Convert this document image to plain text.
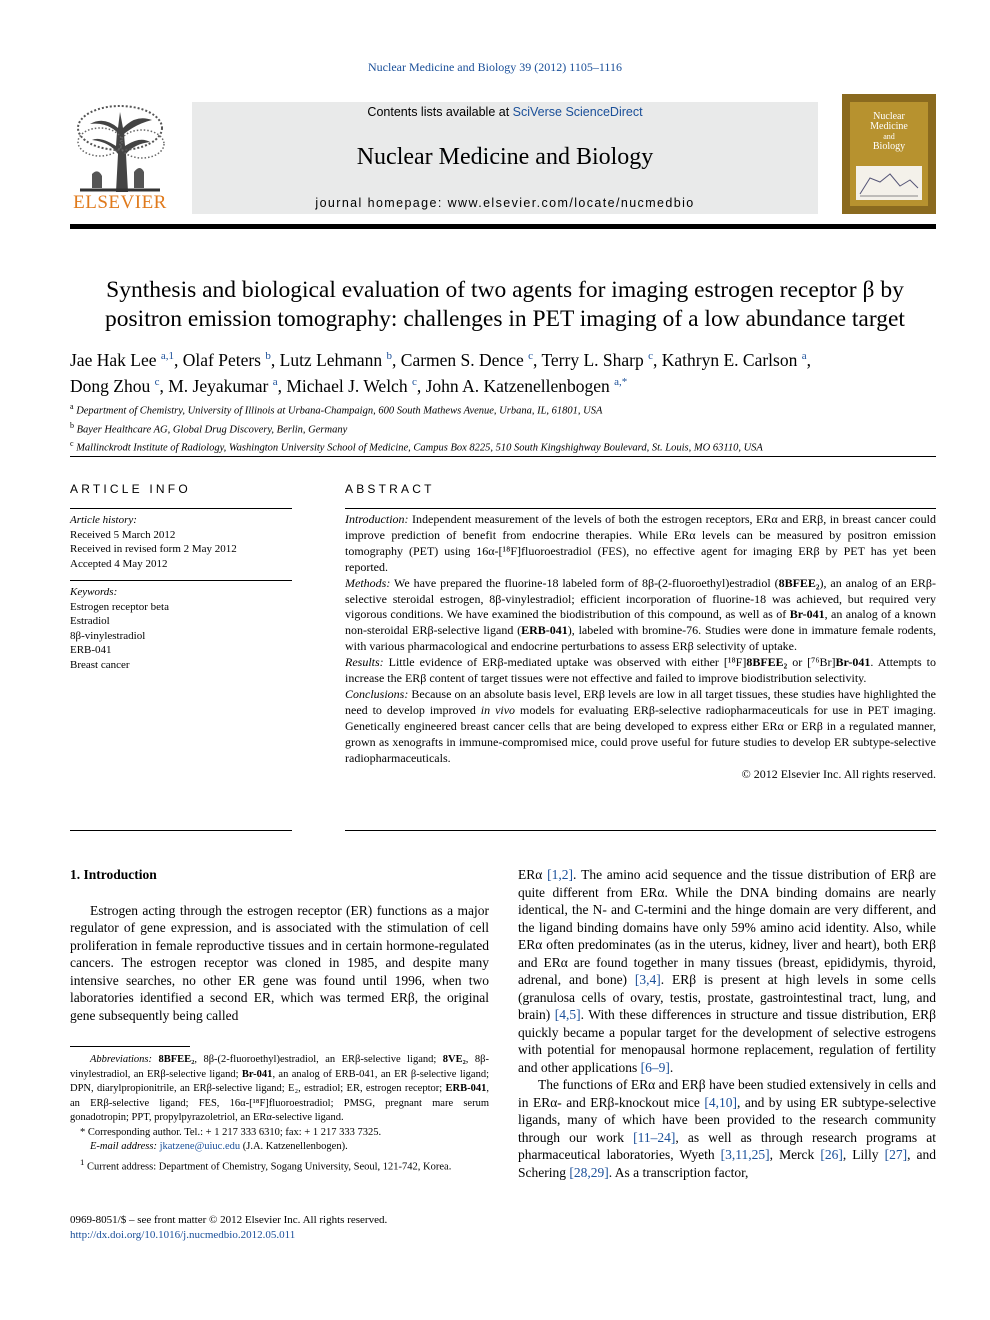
Nuclear Medicine and Biology 39 (2012) 1105–1116
ELSEVIER
Contents lists available at SciVerse ScienceDirect
Nuclear Medicine and Biology
journal homepage: www.elsevier.com/locate/nucmedbio
Nuclear
Medicine
and
Biology
Synthesis and biological evaluation of two agents for imaging estrogen receptor β by
positron emission tomography: challenges in PET imaging of a low abundance target
Jae Hak Lee $^{a,1}$, Olaf Peters $^b$, Lutz Lehmann $^b$, Carmen S. Dence $^c$, Terry L. Sharp $^c$, Kathryn E. Carlson $^a$,
Dong Zhou $^c$, M. Jeyakumar $^a$, Michael J. Welch $^c$, John A. Katzenellenbogen $^{a,*}$
$^a$ Department of Chemistry, University of Illinois at Urbana-Champaign, 600 South Mathews Avenue, Urbana, IL, 61801, USA
$^b$ Bayer Healthcare AG, Global Drug Discovery, Berlin, Germany
$^c$ Mallinckrodt Institute of Radiology, Washington University School of Medicine, Campus Box 8225, 510 South Kingshighway Boulevard, St. Louis, MO 63110, USA
ARTICLE INFO
Article history:
Received 5 March 2012
Received in revised form 2 May 2012
Accepted 4 May 2012
Keywords:
Estrogen receptor beta
Estradiol
8β-vinylestradiol
ERB-041
Breast cancer
ABSTRACT

Introduction: Independent measurement of the levels of both the estrogen receptors, ERα and ERβ, in breast cancer could improve prediction of benefit from endocrine therapies. While ERα levels can be measured by positron emission tomography (PET) using 16α-[¹⁸F]fluoroestradiol (FES), no effective agent for imaging ERβ by PET has yet been reported.

Methods: We have prepared the fluorine-18 labeled form of 8β-(2-fluoroethyl)estradiol (8BFEE₂), an analog of an ERβ-selective steroidal estrogen, 8β-vinylestradiol; efficient incorporation of fluorine-18 was achieved, but required very vigorous conditions. We have examined the biodistribution of this compound, as well as of Br-041, an analog of a known non-steroidal ERβ-selective ligand (ERB-041), labeled with bromine-76. Studies were done in immature female rodents, with various pharmacological and endocrine perturbations to assess ERβ selectivity of uptake.

Results: Little evidence of ERβ-mediated uptake was observed with either [¹⁸F]8BFEE₂ or [⁷⁶Br]Br-041. Attempts to increase the ERβ content of target tissues were not effective and failed to improve biodistribution selectivity.

Conclusions: Because on an absolute basis level, ERβ levels are low in all target tissues, these studies have highlighted the need to develop improved in vivo models for evaluating ERβ-selective radiopharmaceuticals for use in PET imaging. Genetically engineered breast cancer cells that are being developed to express either ERα or ERβ in a regulated manner, grown as xenografts in immune-compromised mice, could prove useful for future studies to develop ER subtype-selective radiopharmaceuticals.

© 2012 Elsevier Inc. All rights reserved.

1. Introduction

Estrogen acting through the estrogen receptor (ER) functions as a major regulator of gene expression, and is associated with the stimulation of cell proliferation in female reproductive tissues and in certain hormone-regulated cancers. The estrogen receptor was cloned in 1985, and despite many intensive searches, no other ER gene was found until 1996, when two laboratories identified a second ER, which was termed ERβ, the original gene subsequently being called

Abbreviations: 8BFEE₂, 8β-(2-fluoroethyl)estradiol, an ERβ-selective ligand; 8VE₂, 8β-vinylestradiol, an ERβ-selective ligand; Br-041, an analog of ERB-041, an ER β-selective ligand; DPN, diarylpropionitrile, an ERβ-selective ligand; E₂, estradiol; ER, estrogen receptor; ERB-041, an ERβ-selective ligand; FES, 16α-[¹⁸F]fluoroestradiol; PMSG, pregnant mare serum gonadotropin; PPT, propylpyrazoletriol, an ERα-selective ligand.

* Corresponding author. Tel.: + 1 217 333 6310; fax: + 1 217 333 7325.

E-mail address: jkatzene@uiuc.edu (J.A. Katzenellenbogen).

$^1$ Current address: Department of Chemistry, Sogang University, Seoul, 121-742, Korea.

0969-8051/$ – see front matter © 2012 Elsevier Inc. All rights reserved.
http://dx.doi.org/10.1016/j.nucmedbio.2012.05.011

ERα [1,2]. The amino acid sequence and the tissue distribution of ERβ are quite different from ERα. While the DNA binding domains are nearly identical, the N- and C-termini and the hinge domain are very different, and the ligand binding domains have only 59% amino acid identity. Also, while ERα often predominates (as in the uterus, kidney, liver and heart), both ERβ and ERα are found together in many tissues (breast, epididymis, thyroid, adrenal, and bone) [3,4]. ERβ is present at high levels in some cells (granulosa cells of ovary, testis, prostate, gastrointestinal tract, lung, and brain) [4,5]. With these differences in structure and tissue distribution, ERβ quickly became a popular target for the development of selective estrogens with potential for menopausal hormone replacement, regulation of fertility and other applications [6–9].

The functions of ERα and ERβ have been studied extensively in cells and in ERα- and ERβ-knockout mice [4,10], and by using ER subtype-selective ligands, many of which have been provided to the research community through our work [11–24], as well as through research programs at pharmaceutical laboratories, Wyeth [3,11,25], Merck [26], Lilly [27], and Schering [28,29]. As a transcription factor,
